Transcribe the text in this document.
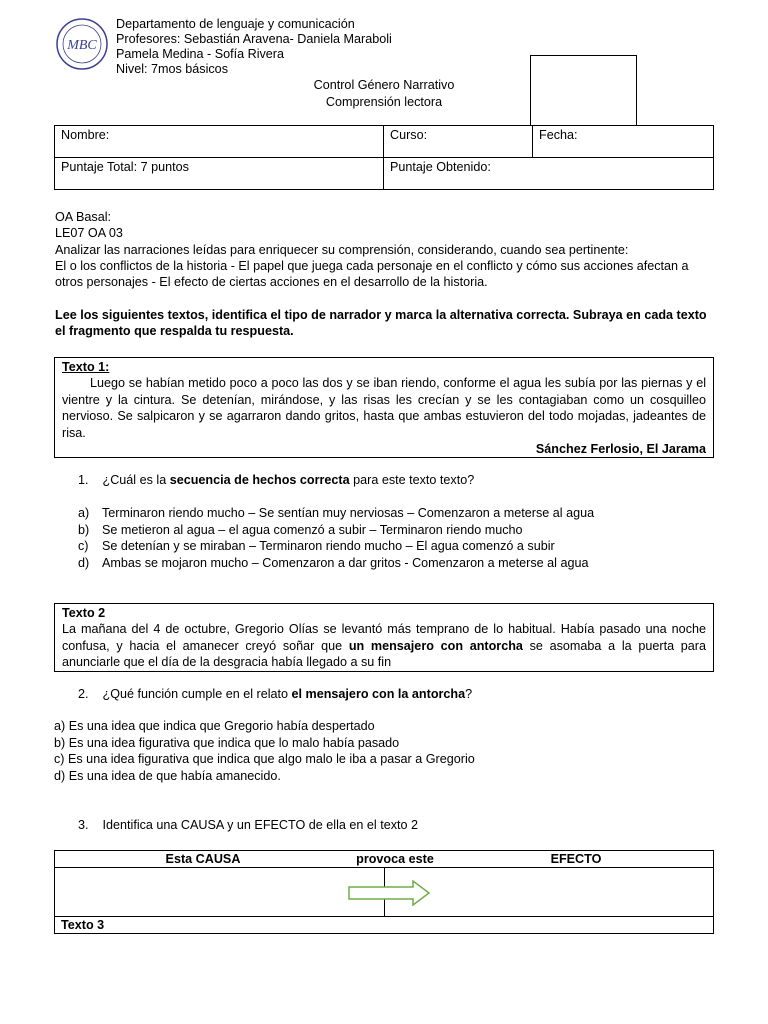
MBC
Departamento de lenguaje y comunicación
Profesores: Sebastián Aravena- Daniela Maraboli
Pamela Medina - Sofía Rivera
Nivel: 7mos básicos
Control Género Narrativo
Comprensión lectora
Nombre:	Curso:	Fecha:
Puntaje Total: 7 puntos	Puntaje Obtenido:	
OA Basal:
LE07 OA 03
Analizar las narraciones leídas para enriquecer su comprensión, considerando, cuando sea pertinente:
El o los conflictos de la historia - El papel que juega cada personaje en el conflicto y cómo sus acciones afectan a otros personajes - El efecto de ciertas acciones en el desarrollo de la historia.
Lee los siguientes textos, identifica el tipo de narrador y marca la alternativa correcta. Subraya en cada texto el fragmento que respalda tu respuesta.
Texto 1:
Luego se habían metido poco a poco las dos y se iban riendo, conforme el agua les subía por las piernas y el vientre y la cintura. Se detenían, mirándose, y las risas les crecían y se les contagiaban como un cosquilleo nervioso. Se salpicaron y se agarraron dando gritos, hasta que ambas estuvieron del todo mojadas, jadeantes de risa.
Sánchez Ferlosio, El Jarama
1. ¿Cuál es la secuencia de hechos correcta para este texto texto?
a) Terminaron riendo mucho – Se sentían muy nerviosas – Comenzaron a meterse al agua
b) Se metieron al agua – el agua comenzó a subir – Terminaron riendo mucho
c) Se detenían y se miraban – Terminaron riendo mucho – El agua comenzó a subir
d) Ambas se mojaron mucho – Comenzaron a dar gritos - Comenzaron a meterse al agua
Texto 2
La mañana del 4 de octubre, Gregorio Olías se levantó más temprano de lo habitual. Había pasado una noche confusa, y hacia el amanecer creyó soñar que un mensajero con antorcha se asomaba a la puerta para anunciarle que el día de la desgracia había llegado a su fin
2. ¿Qué función cumple en el relato el mensajero con la antorcha?
a) Es una idea que indica que Gregorio había despertado
b) Es una idea figurativa que indica que lo malo había pasado
c) Es una idea figurativa que indica que algo malo le iba a pasar a Gregorio
d) Es una idea de que había amanecido.
3. Identifica una CAUSA y un EFECTO de ella en el texto 2
Esta CAUSA	provoca este	EFECTO

Texto 3
